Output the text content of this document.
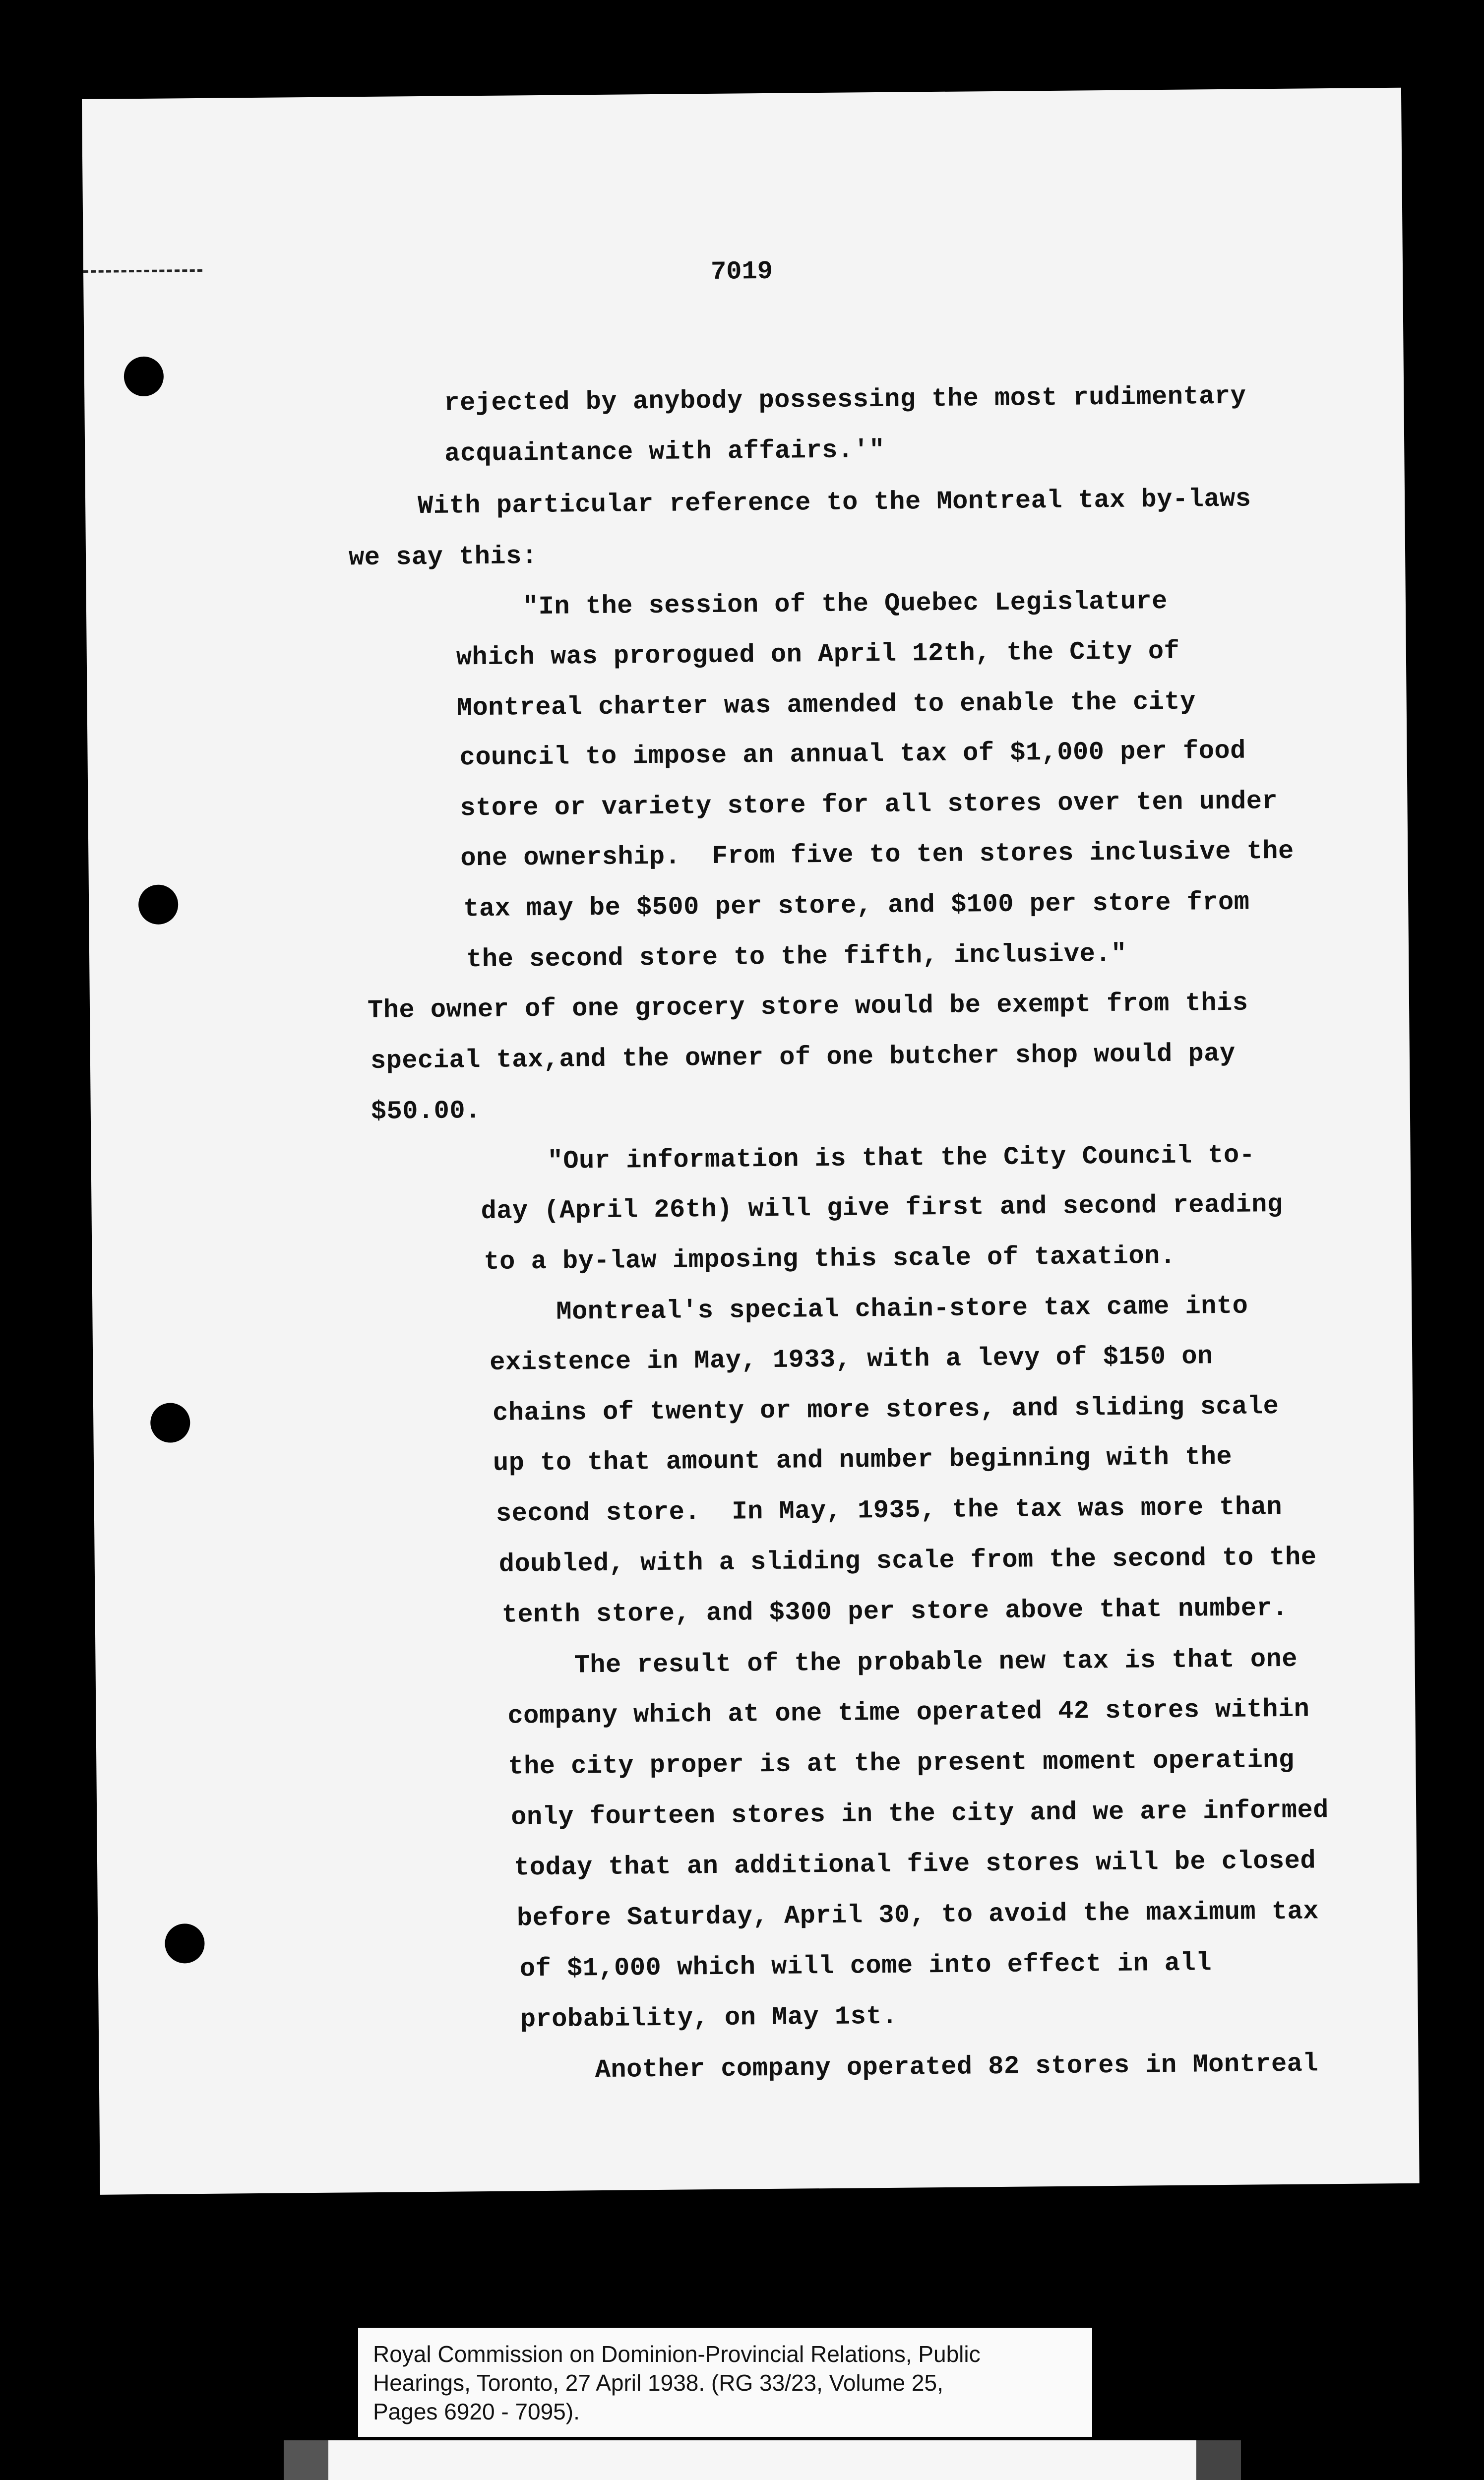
7019
rejected by anybody possessing the most rudimentary
acquaintance with affairs.'"
With particular reference to the Montreal tax by-laws
we say this:
"In the session of the Quebec Legislature
which was prorogued on April 12th, the City of
Montreal charter was amended to enable the city
council to impose an annual tax of $1,000 per food
store or variety store for all stores over ten under
one ownership.  From five to ten stores inclusive the
tax may be $500 per store, and $100 per store from
the second store to the fifth, inclusive."
The owner of one grocery store would be exempt from this
special tax,and the owner of one butcher shop would pay
$50.00.
"Our information is that the City Council to-
day (April 26th) will give first and second reading
to a by-law imposing this scale of taxation.
Montreal's special chain-store tax came into
existence in May, 1933, with a levy of $150 on
chains of twenty or more stores, and sliding scale
up to that amount and number beginning with the
second store.  In May, 1935, the tax was more than
doubled, with a sliding scale from the second to the
tenth store, and $300 per store above that number.
The result of the probable new tax is that one
company which at one time operated 42 stores within
the city proper is at the present moment operating
only fourteen stores in the city and we are informed
today that an additional five stores will be closed
before Saturday, April 30, to avoid the maximum tax
of $1,000 which will come into effect in all
probability, on May 1st.
Another company operated 82 stores in Montreal
Royal Commission on Dominion-Provincial Relations, Public
Hearings, Toronto, 27 April 1938. (RG 33/23, Volume 25,
Pages 6920 - 7095).
